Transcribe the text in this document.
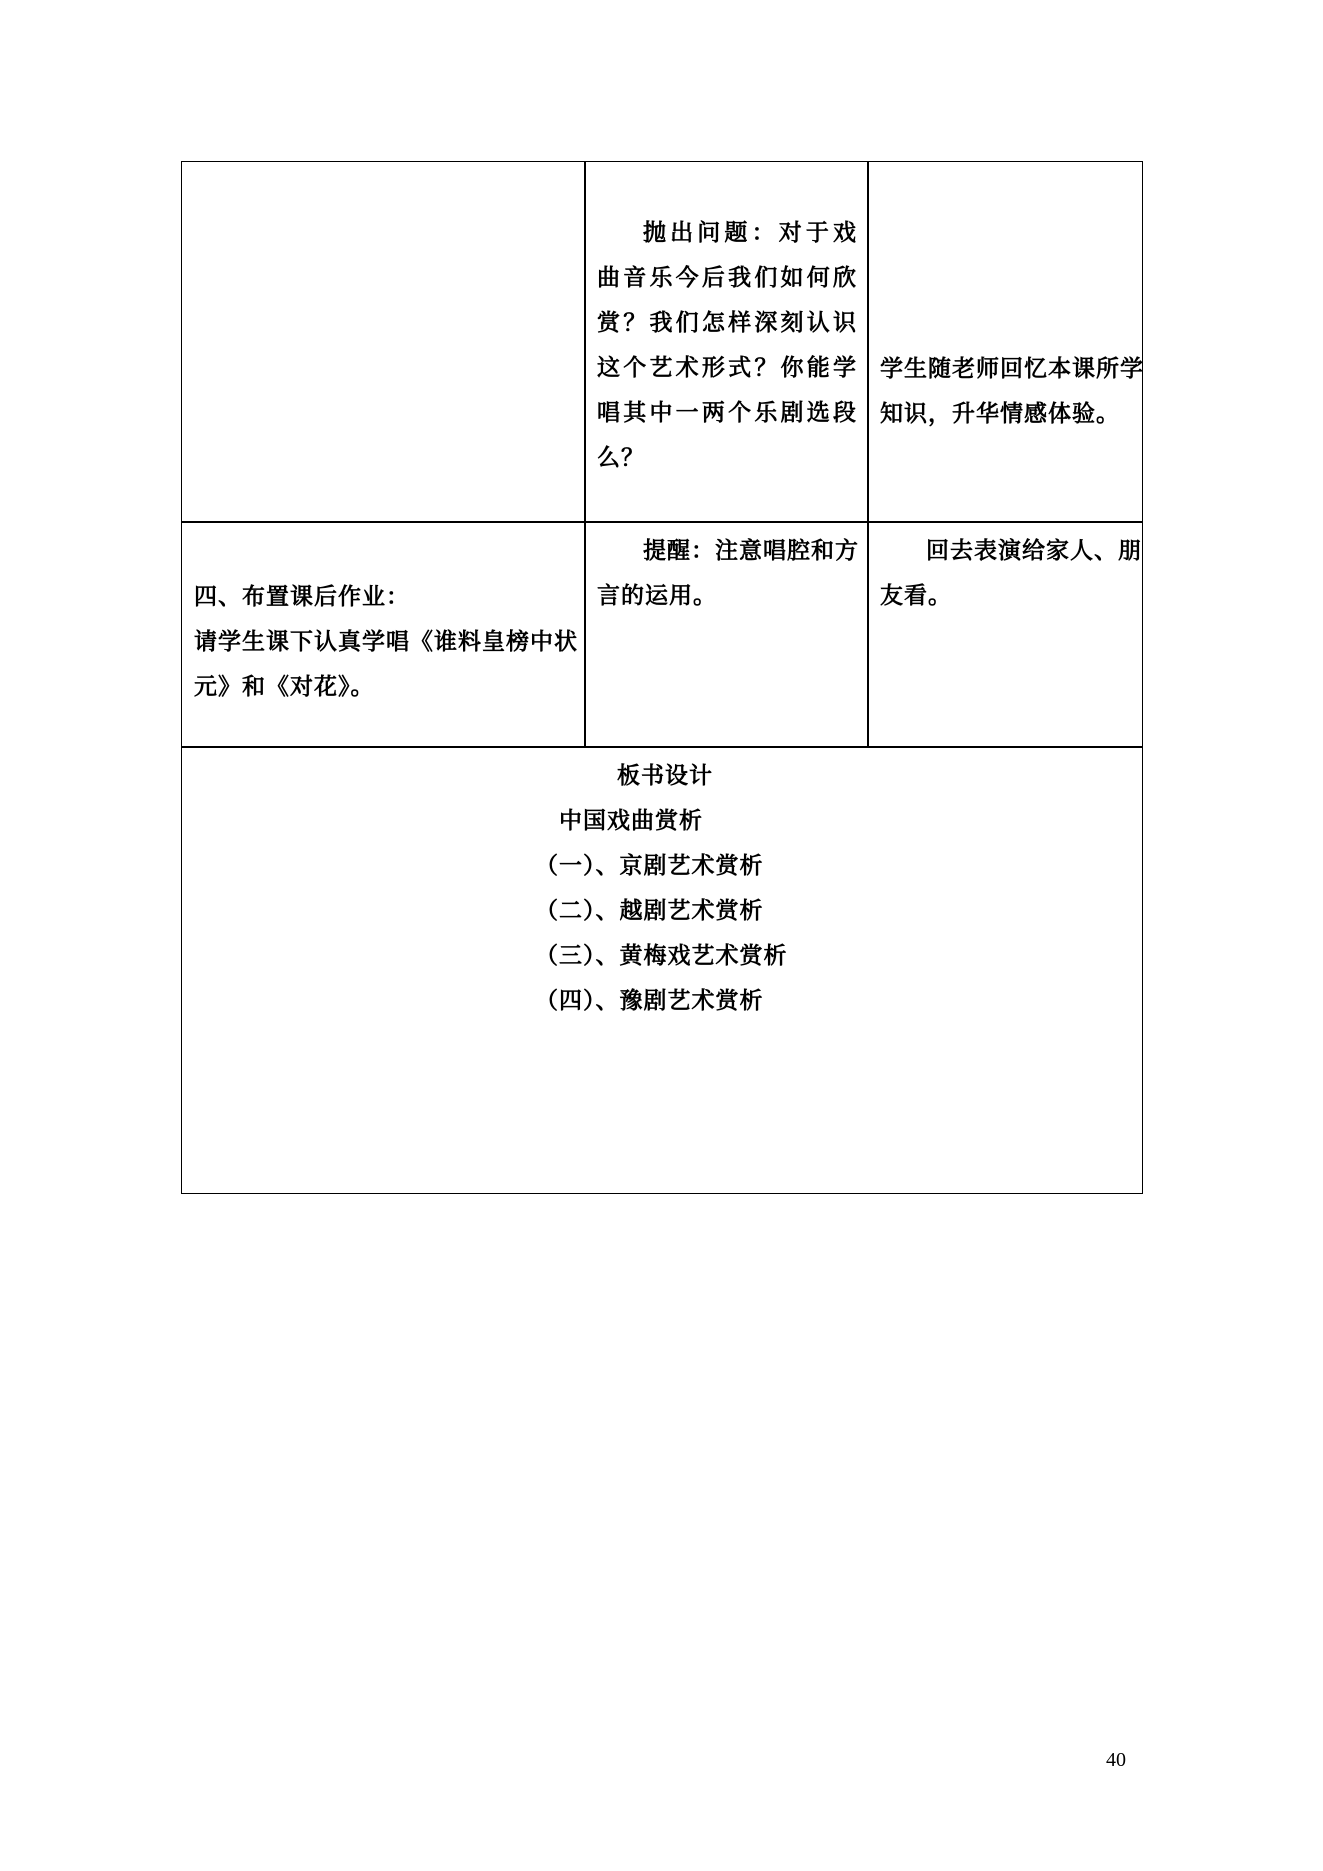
抛出问题：对于戏曲音乐今后我们如何欣赏？我们怎样深刻认识这个艺术形式？你能学唱其中一两个乐剧选段么？
学生随老师回忆本课所学知识，升华情感体验。
四、布置课后作业：
请学生课下认真学唱《谁料皇榜中状元》和《对花》。
提醒：注意唱腔和方言的运用。
回去表演给家人、朋友看。
板书设计
中国戏曲赏析
（一）、京剧艺术赏析
（二）、越剧艺术赏析
（三）、黄梅戏艺术赏析
（四）、豫剧艺术赏析
40
